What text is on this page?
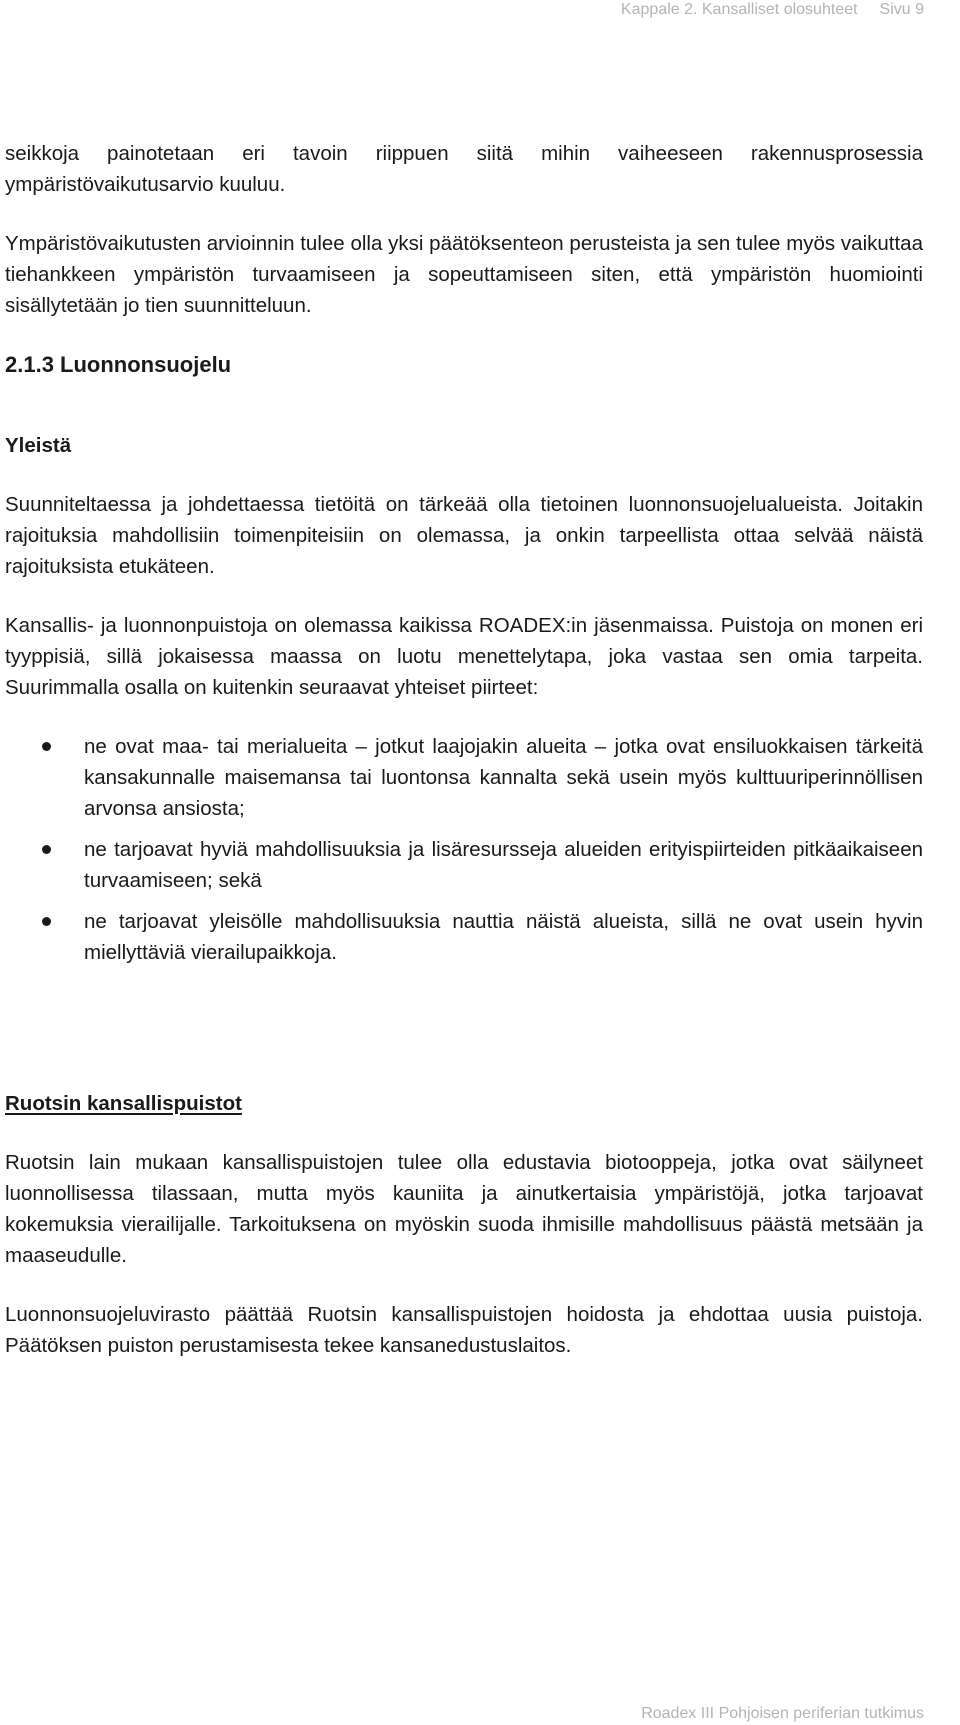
Kappale 2. Kansalliset olosuhteet Sivu 9

seikkoja painotetaan eri tavoin riippuen siitä mihin vaiheeseen rakennusprosessia ympäristövaikutusarvio kuuluu.

Ympäristövaikutusten arvioinnin tulee olla yksi päätöksenteon perusteista ja sen tulee myös vaikuttaa tiehankkeen ympäristön turvaamiseen ja sopeuttamiseen siten, että ympäristön huomiointi sisällytetään jo tien suunnitteluun.

2.1.3 Luonnonsuojelu
Yleistä

Suunniteltaessa ja johdettaessa tietöitä on tärkeää olla tietoinen luonnonsuojelualueista. Joitakin rajoituksia mahdollisiin toimenpiteisiin on olemassa, ja onkin tarpeellista ottaa selvää näistä rajoituksista etukäteen.

Kansallis- ja luonnonpuistoja on olemassa kaikissa ROADEX:in jäsenmaissa. Puistoja on monen eri tyyppisiä, sillä jokaisessa maassa on luotu menettelytapa, joka vastaa sen omia tarpeita. Suurimmalla osalla on kuitenkin seuraavat yhteiset piirteet:

ne ovat maa- tai merialueita – jotkut laajojakin alueita – jotka ovat ensiluokkaisen tärkeitä kansakunnalle maisemansa tai luontonsa kannalta sekä usein myös kulttuuriperinnöllisen arvonsa ansiosta;
ne tarjoavat hyviä mahdollisuuksia ja lisäresursseja alueiden erityispiirteiden pitkäaikaiseen turvaamiseen; sekä
ne tarjoavat yleisölle mahdollisuuksia nauttia näistä alueista, sillä ne ovat usein hyvin miellyttäviä vierailupaikkoja.
Ruotsin kansallispuistot

Ruotsin lain mukaan kansallispuistojen tulee olla edustavia biotooppeja, jotka ovat säilyneet luonnollisessa tilassaan, mutta myös kauniita ja ainutkertaisia ympäristöjä, jotka tarjoavat kokemuksia vierailijalle. Tarkoituksena on myöskin suoda ihmisille mahdollisuus päästä metsään ja maaseudulle.

Luonnonsuojeluvirasto päättää Ruotsin kansallispuistojen hoidosta ja ehdottaa uusia puistoja. Päätöksen puiston perustamisesta tekee kansanedustuslaitos.

Roadex III Pohjoisen periferian tutkimus
